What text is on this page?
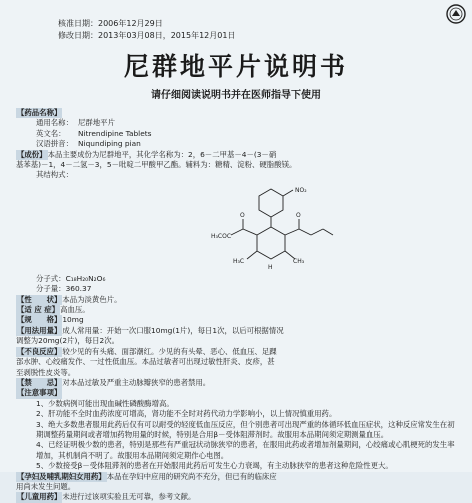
核准日期：2006年12月29日
修改日期：2013年03月08日，2015年12月01日
尼群地平片说明书
请仔细阅读说明书并在医师指导下使用
【药品名称】
通用名称： 尼群地平片
英文名：	Nitrendipine Tablets
汉语拼音： Niqundiping pian
【成份】 本品主要成份为尼群地平，其化学名称为：2，6－二甲基－4－(3－硝
基苯基)－1，4－二氢－3，5－吡啶二甲酸甲乙酯。辅料为：糖精、淀粉、硬脂酸镁。
其结构式：
NO₂
O	O
H₃COC
H₃C	CH₃
H
分子式：C₁₈H₂₀N₂O₆
分子量：360.37
【性　　状】 本品为淡黄色片。
【适 应 症】 高血压。
【规　　格】 10mg
【用法用量】 成人常用量：开始一次口服10mg(1片)，每日1次，以后可根据情况
调整为20mg(2片)，每日2次。
【不良反应】 较少见的有头痛、面部潮红。少见的有头晕、恶心、低血压、足踝
部水肿、心绞痛发作、一过性低血压。本品过敏者可出现过敏性肝炎、皮疹，甚
至剥脱性皮炎等。
【禁　　忌】 对本品过敏及严重主动脉瓣狭窄的患者禁用。
【注意事项】
1、少数病例可能出现血碱性磷酸酶增高。
2、肝功能不全时血药浓度可增高，肾功能不全时对药代动力学影响小，以上情况慎重用药。
3、绝大多数患者服用此药后仅有可以耐受的轻度低血压反应，但个别患者可出现严重的体循环低血压症状，这种反应常发生在初期调整药量期间或者增加药物用量的时候，特别是合用β－受体阻滞剂时。故服用本品期间须定期测量血压。
4、已经证明极少数的患者，特别是那些有严重冠状动脉狭窄的患者，在服用此药或者增加剂量期间，心绞痛或心肌梗死的发生率增加，其机制尚不明了。故服用本品期间须定期作心电图。
5、少数接受β－受体阻滞剂的患者在开始服用此药后可发生心力衰竭，有主动脉狭窄的患者这种危险性更大。
【孕妇及哺乳期妇女用药】 本品在孕妇中应用的研究尚不充分，但已有的临床应
用尚未发生问题。
【儿童用药】 未进行过该项实验且无可靠，参考文献。
